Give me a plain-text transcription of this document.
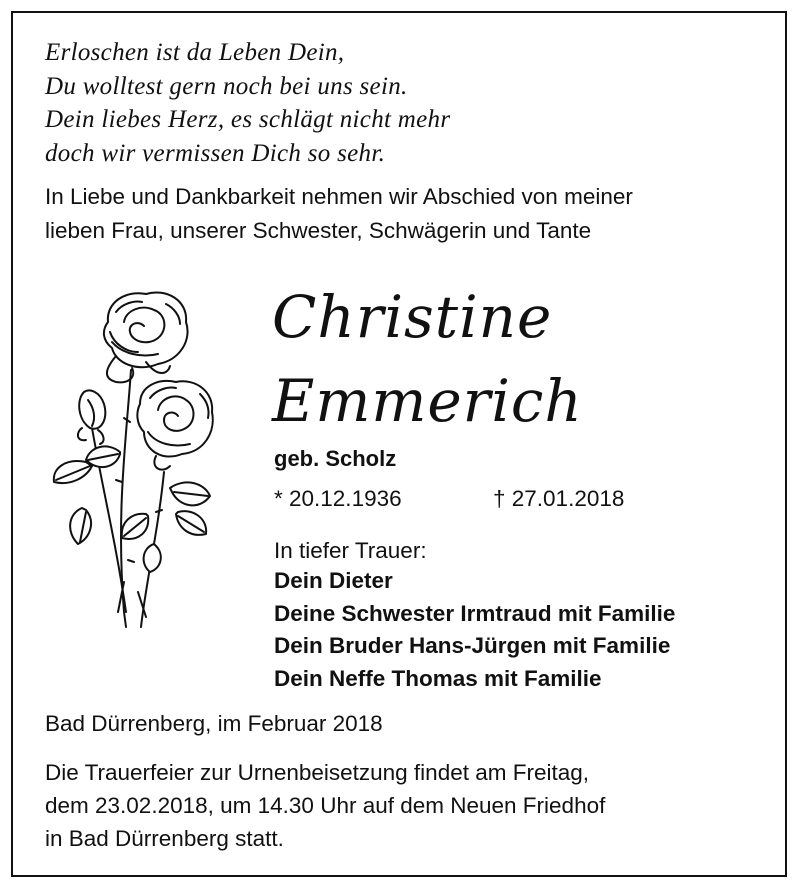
Erloschen ist da Leben Dein,
Du wolltest gern noch bei uns sein.
Dein liebes Herz, es schlägt nicht mehr
doch wir vermissen Dich so sehr.
In Liebe und Dankbarkeit nehmen wir Abschied von meiner
lieben Frau, unserer Schwester, Schwägerin und Tante
Christine
Emmerich
geb. Scholz
* 20.12.1936	† 27.01.2018
In tiefer Trauer:
Dein Dieter
Deine Schwester Irmtraud mit Familie
Dein Bruder Hans-Jürgen mit Familie
Dein Neffe Thomas mit Familie
Bad Dürrenberg, im Februar 2018
Die Trauerfeier zur Urnenbeisetzung findet am Freitag,
dem 23.02.2018, um 14.30 Uhr auf dem Neuen Friedhof
in Bad Dürrenberg statt.
